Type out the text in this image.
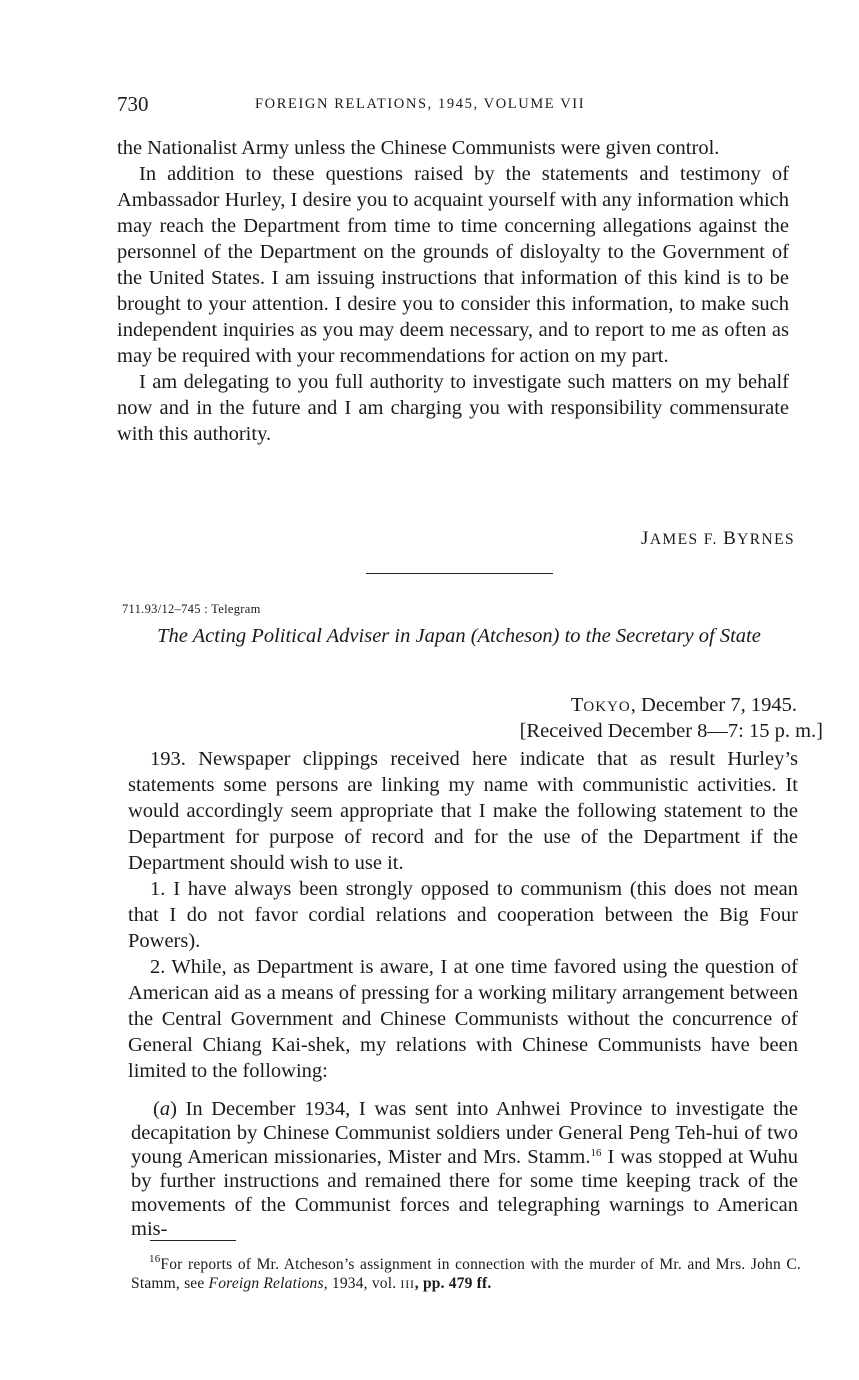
730	FOREIGN RELATIONS, 1945, VOLUME VII

the Nationalist Army unless the Chinese Communists were given control.

In addition to these questions raised by the statements and testimony of Ambassador Hurley, I desire you to acquaint yourself with any information which may reach the Department from time to time concerning allegations against the personnel of the Department on the grounds of disloyalty to the Government of the United States. I am issuing instructions that information of this kind is to be brought to your attention. I desire you to consider this information, to make such independent inquiries as you may deem necessary, and to report to me as often as may be required with your recommendations for action on my part.

I am delegating to you full authority to investigate such matters on my behalf now and in the future and I am charging you with responsibility commensurate with this authority.

JAMES F. BYRNES
711.93/12–745 : Telegram
The Acting Political Adviser in Japan (Atcheson) to the Secretary of State
TOKYO, December 7, 1945.
[Received December 8—7: 15 p. m.]

193. Newspaper clippings received here indicate that as result Hurley’s statements some persons are linking my name with communistic activities. It would accordingly seem appropriate that I make the following statement to the Department for purpose of record and for the use of the Department if the Department should wish to use it.

1. I have always been strongly opposed to communism (this does not mean that I do not favor cordial relations and cooperation between the Big Four Powers).

2. While, as Department is aware, I at one time favored using the question of American aid as a means of pressing for a working military arrangement between the Central Government and Chinese Communists without the concurrence of General Chiang Kai-shek, my relations with Chinese Communists have been limited to the following:

(a) In December 1934, I was sent into Anhwei Province to investigate the decapitation by Chinese Communist soldiers under General Peng Teh-hui of two young American missionaries, Mister and Mrs. Stamm.$^{16}$ I was stopped at Wuhu by further instructions and remained there for some time keeping track of the movements of the Communist forces and telegraphing warnings to American mis-

$^{16}$For reports of Mr. Atcheson’s assignment in connection with the murder of Mr. and Mrs. John C. Stamm, see Foreign Relations, 1934, vol. III, pp. 479 ff.
